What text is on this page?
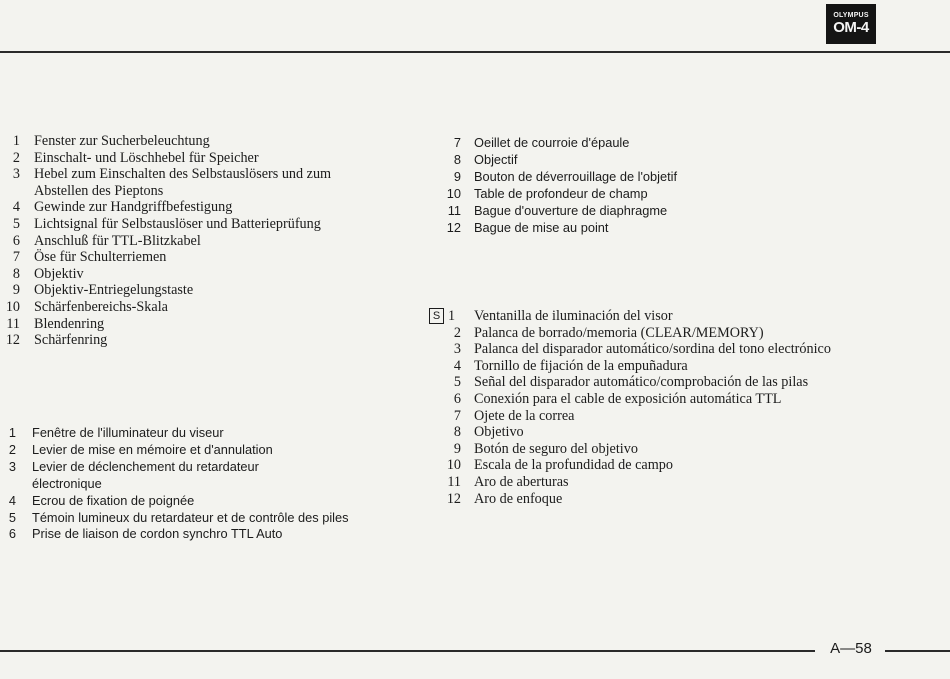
OLYMPUS
OM-4
1 Fenster zur Sucherbeleuchtung
2 Einschalt- und Löschhebel für Speicher
3 Hebel zum Einschalten des Selbstauslösers und zum Abstellen des Pieptons
4 Gewinde zur Handgriffbefestigung
5 Lichtsignal für Selbstauslöser und Batterieprüfung
6 Anschluß für TTL-Blitzkabel
7 Öse für Schulterriemen
8 Objektiv
9 Objektiv-Entriegelungstaste
10 Schärfenbereichs-Skala
11 Blendenring
12 Schärfenring
1 Fenêtre de l'illuminateur du viseur
2 Levier de mise en mémoire et d'annulation
3 Levier de déclenchement du retardateur électronique
4 Ecrou de fixation de poignée
5 Témoin lumineux du retardateur et de contrôle des piles
6 Prise de liaison de cordon synchro TTL Auto
7 Oeillet de courroie d'épaule
8 Objectif
9 Bouton de déverrouillage de l'objetif
10 Table de profondeur de champ
11 Bague d'ouverture de diaphragme
12 Bague de mise au point
S 1 Ventanilla de iluminación del visor
2 Palanca de borrado/memoria (CLEAR/MEMORY)
3 Palanca del disparador automático/sordina del tono electrónico
4 Tornillo de fijación de la empuñadura
5 Señal del disparador automático/comprobación de las pilas
6 Conexión para el cable de exposición automática TTL
7 Ojete de la correa
8 Objetivo
9 Botón de seguro del objetivo
10 Escala de la profundidad de campo
11 Aro de aberturas
12 Aro de enfoque
A—58
